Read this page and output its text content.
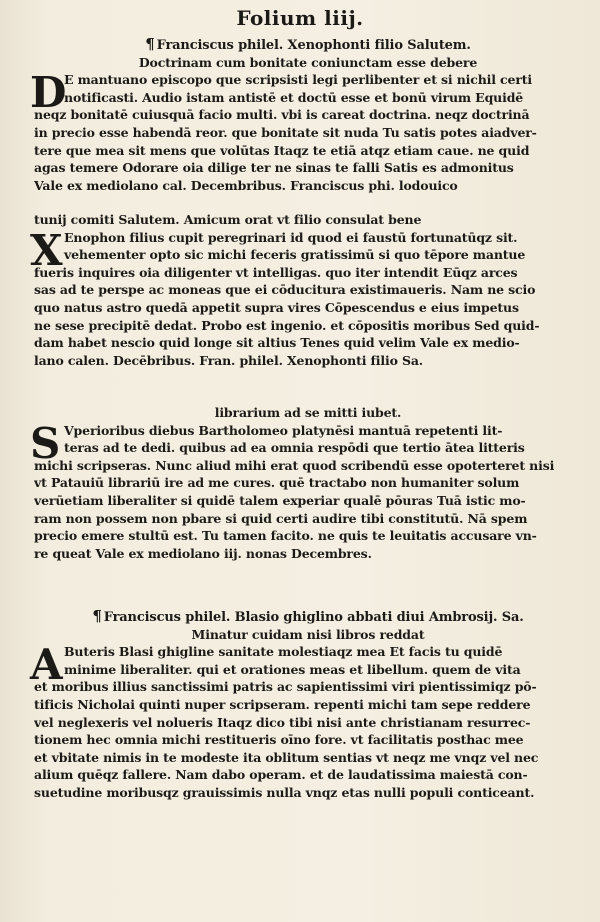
Folium liij.
¶ Franciscus philel. Xenophonti filio Salutem.
Doctrinam cum bonitate coniunctam esse debere
D
E mantuano episcopo que scripsisti legi perlibenter et si nichil certi
notificasti. Audio istam antistē et doctū esse et bonū virum Equidē
neqz bonitatē cuiusquā facio multi. vbi is careat doctrina. neqz doctrinā
in precio esse habendā reor. que bonitate sit nuda Tu satis potes aiadver-
tere que mea sit mens que volūtas Itaqz te etiā atqz etiam caue. ne quid
agas temere Odorare oia dilige ter ne sinas te falli Satis es admonitus
Vale ex mediolano cal. Decembribus. Franciscus phi. lodouico
tunij comiti Salutem. Amicum orat vt filio consulat bene
X Enophon filius cupit peregrinari id quod ei faustū fortunatūqz sit.
vehementer opto sic michi feceris gratissimū si quo tēpore mantue
fueris inquires oia diligenter vt intelligas. quo iter intendit Eūqz arces
sas ad te perspe ac moneas que ei cōducitura existimaueris. Nam ne scio
quo natus astro quedā appetit supra vires Cōpescendus e eius impetus
ne sese precipitē dedat. Probo est ingenio. et cōpositis moribus Sed quid-
dam habet nescio quid longe sit altius Tenes quid velim Vale ex medio-
lano calen. Decēbribus. Fran. philel. Xenophonti filio Sa.
librarium ad se mitti iubet.
S Vperioribus diebus Bartholomeo platynēsi mantuā repetenti lit-
teras ad te dedi. quibus ad ea omnia respōdi que tertio ātea litteris
michi scripseras. Nunc aliud mihi erat quod scribendū esse opoterteret nisi
vt Patauiū librariū ire ad me cures. quē tractabo non humaniter solum
verūetiam liberaliter si quidē talem experiar qualē pōuras Tuā istic mo-
ram non possem non pbare si quid certi audire tibi constitutū. Nā spem
precio emere stultū est. Tu tamen facito. ne quis te leuitatis accusare vn-
re queat Vale ex mediolano iij. nonas Decembres.
¶ Franciscus philel. Blasio ghiglino abbati diui Ambrosij. Sa.
Minatur cuidam nisi libros reddat
A Buteris Blasi ghigline sanitate molestiaqz mea Et facis tu quidē
minime liberaliter. qui et orationes meas et libellum. quem de vita
et moribus illius sanctissimi patris ac sapientissimi viri pientissimiqz pō-
tificis Nicholai quinti nuper scripseram. repenti michi tam sepe reddere
vel neglexeris vel nolueris Itaqz dico tibi nisi ante christianam resurrec-
tionem hec omnia michi restitueris oīno fore. vt facilitatis posthac mee
et vbitate nimis in te modeste ita oblitum sentias vt neqz me vnqz vel nec
alium quēqz fallere. Nam dabo operam. et de laudatissima maiestā con-
suetudine moribusqz grauissimis nulla vnqz etas nulli populi conticeant.
